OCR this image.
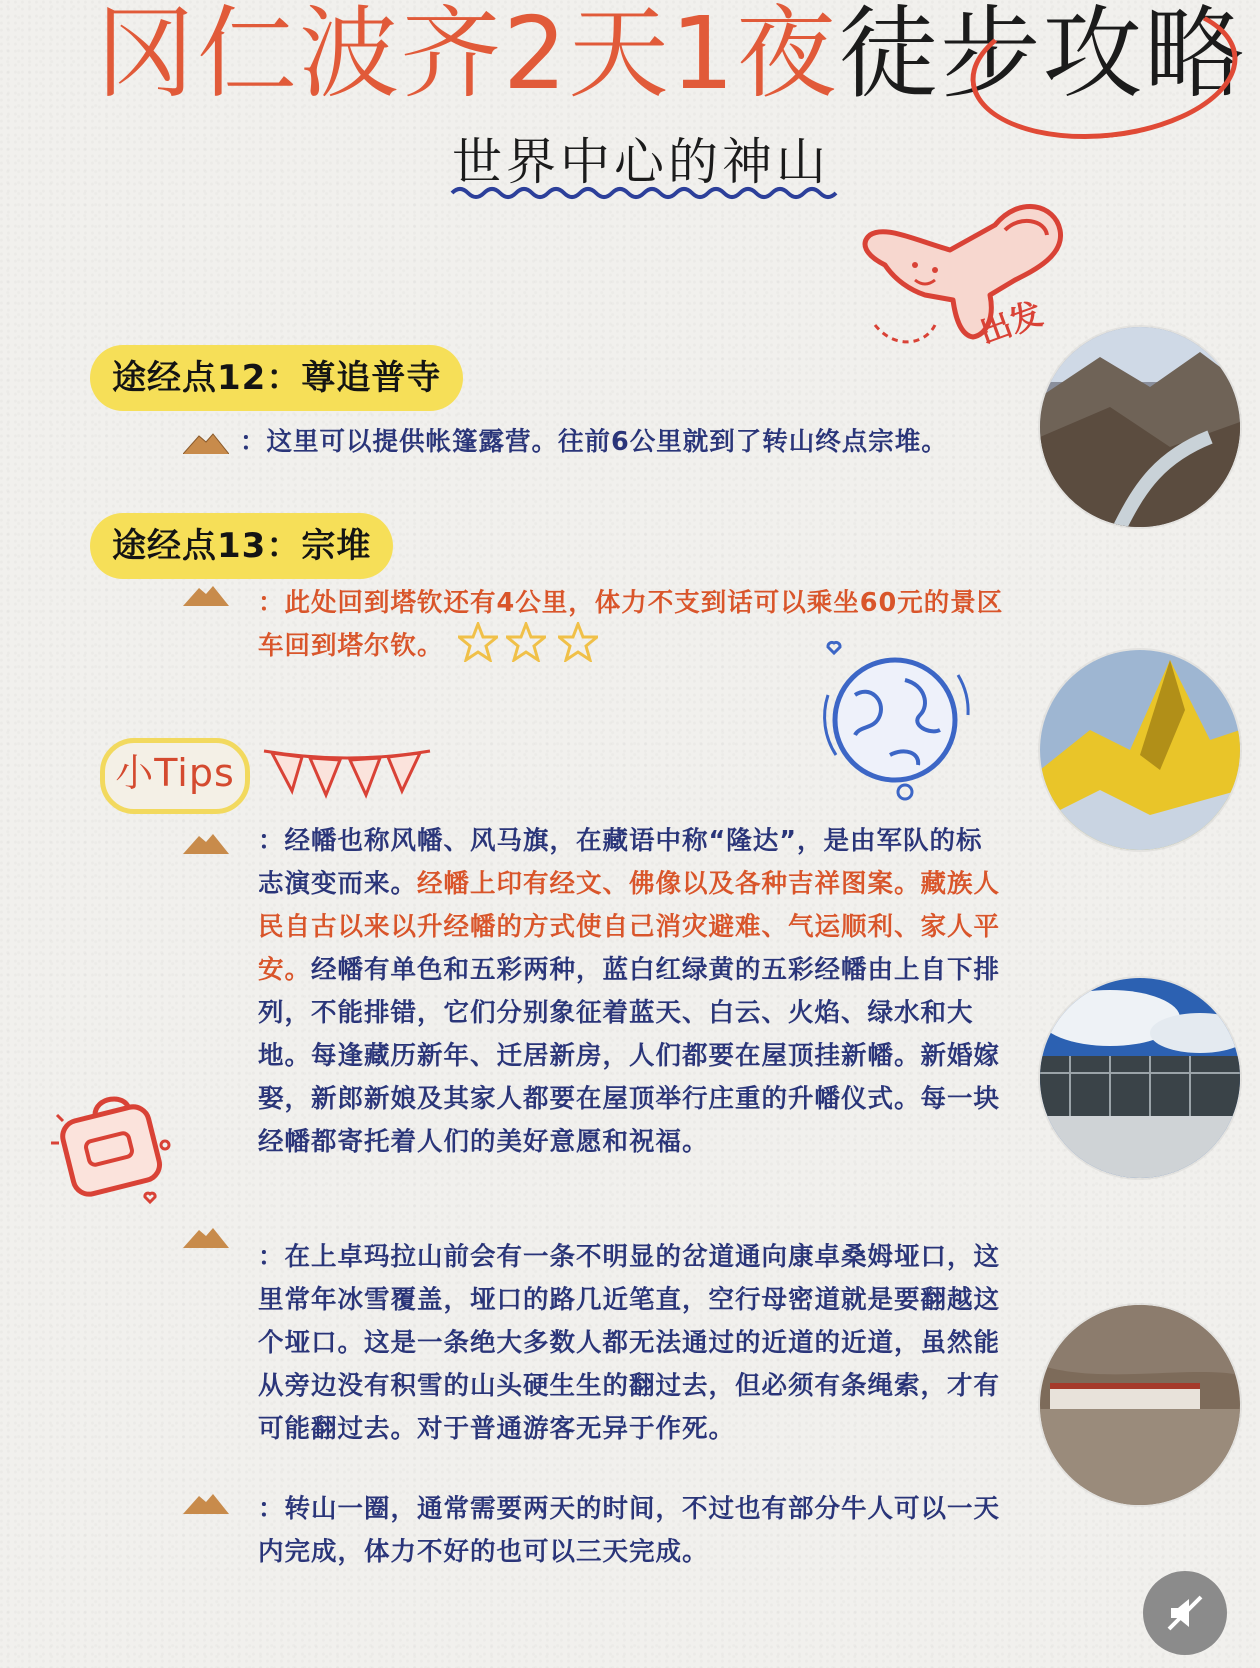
冈仁波齐2天1夜徒步攻略
世界中心的神山
出发
途经点12：尊追普寺
：这里可以提供帐篷露营。往前6公里就到了转山终点宗堆。
途经点13：宗堆
：此处回到塔钦还有4公里，体力不支到话可以乘坐60元的景区车回到塔尔钦。
小Tips
：经幡也称风幡、风马旗，在藏语中称“隆达”，是由军队的标志演变而来。经幡上印有经文、佛像以及各种吉祥图案。藏族人民自古以来以升经幡的方式使自己消灾避难、气运顺利、家人平安。经幡有单色和五彩两种，蓝白红绿黄的五彩经幡由上自下排列，不能排错，它们分别象征着蓝天、白云、火焰、绿水和大地。每逢藏历新年、迁居新房，人们都要在屋顶挂新幡。新婚嫁娶，新郎新娘及其家人都要在屋顶举行庄重的升幡仪式。每一块经幡都寄托着人们的美好意愿和祝福。
：在上卓玛拉山前会有一条不明显的岔道通向康卓桑姆垭口，这里常年冰雪覆盖，垭口的路几近笔直，空行母密道就是要翻越这个垭口。这是一条绝大多数人都无法通过的近道的近道，虽然能从旁边没有积雪的山头硬生生的翻过去，但必须有条绳索，才有可能翻过去。对于普通游客无异于作死。
：转山一圈，通常需要两天的时间，不过也有部分牛人可以一天内完成，体力不好的也可以三天完成。
